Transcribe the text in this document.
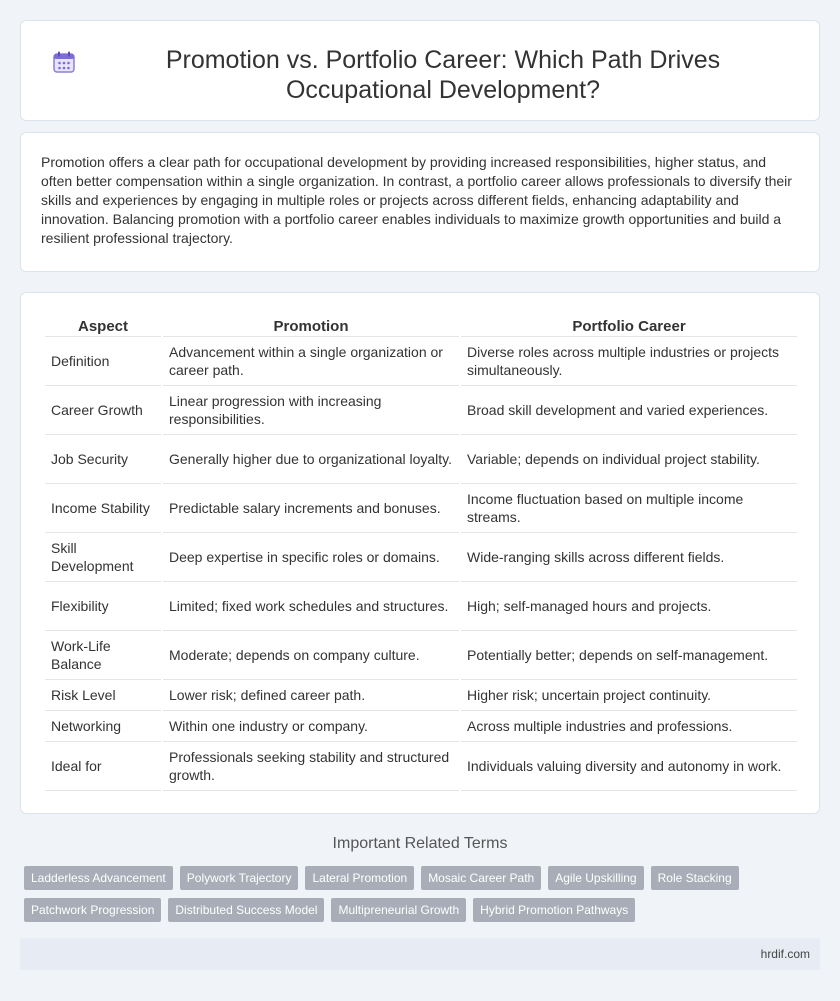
Promotion vs. Portfolio Career: Which Path Drives Occupational Development?

Promotion offers a clear path for occupational development by providing increased responsibilities, higher status, and often better compensation within a single organization. In contrast, a portfolio career allows professionals to diversify their skills and experiences by engaging in multiple roles or projects across different fields, enhancing adaptability and innovation. Balancing promotion with a portfolio career enables individuals to maximize growth opportunities and build a resilient professional trajectory.

Aspect	Promotion	Portfolio Career
Definition	Advancement within a single organization or career path.	Diverse roles across multiple industries or projects simultaneously.
Career Growth	Linear progression with increasing responsibilities.	Broad skill development and varied experiences.
Job Security	Generally higher due to organizational loyalty.	Variable; depends on individual project stability.
Income Stability	Predictable salary increments and bonuses.	Income fluctuation based on multiple income streams.
Skill Development	Deep expertise in specific roles or domains.	Wide-ranging skills across different fields.
Flexibility	Limited; fixed work schedules and structures.	High; self-managed hours and projects.
Work-Life Balance	Moderate; depends on company culture.	Potentially better; depends on self-management.
Risk Level	Lower risk; defined career path.	Higher risk; uncertain project continuity.
Networking	Within one industry or company.	Across multiple industries and professions.
Ideal for	Professionals seeking stability and structured growth.	Individuals valuing diversity and autonomy in work.
Important Related Terms
Ladderless Advancement	Polywork Trajectory	Lateral Promotion	Mosaic Career Path	Agile Upskilling	Role Stacking
Patchwork Progression	Distributed Success Model	Multipreneurial Growth	Hybrid Promotion Pathways
hrdif.com
